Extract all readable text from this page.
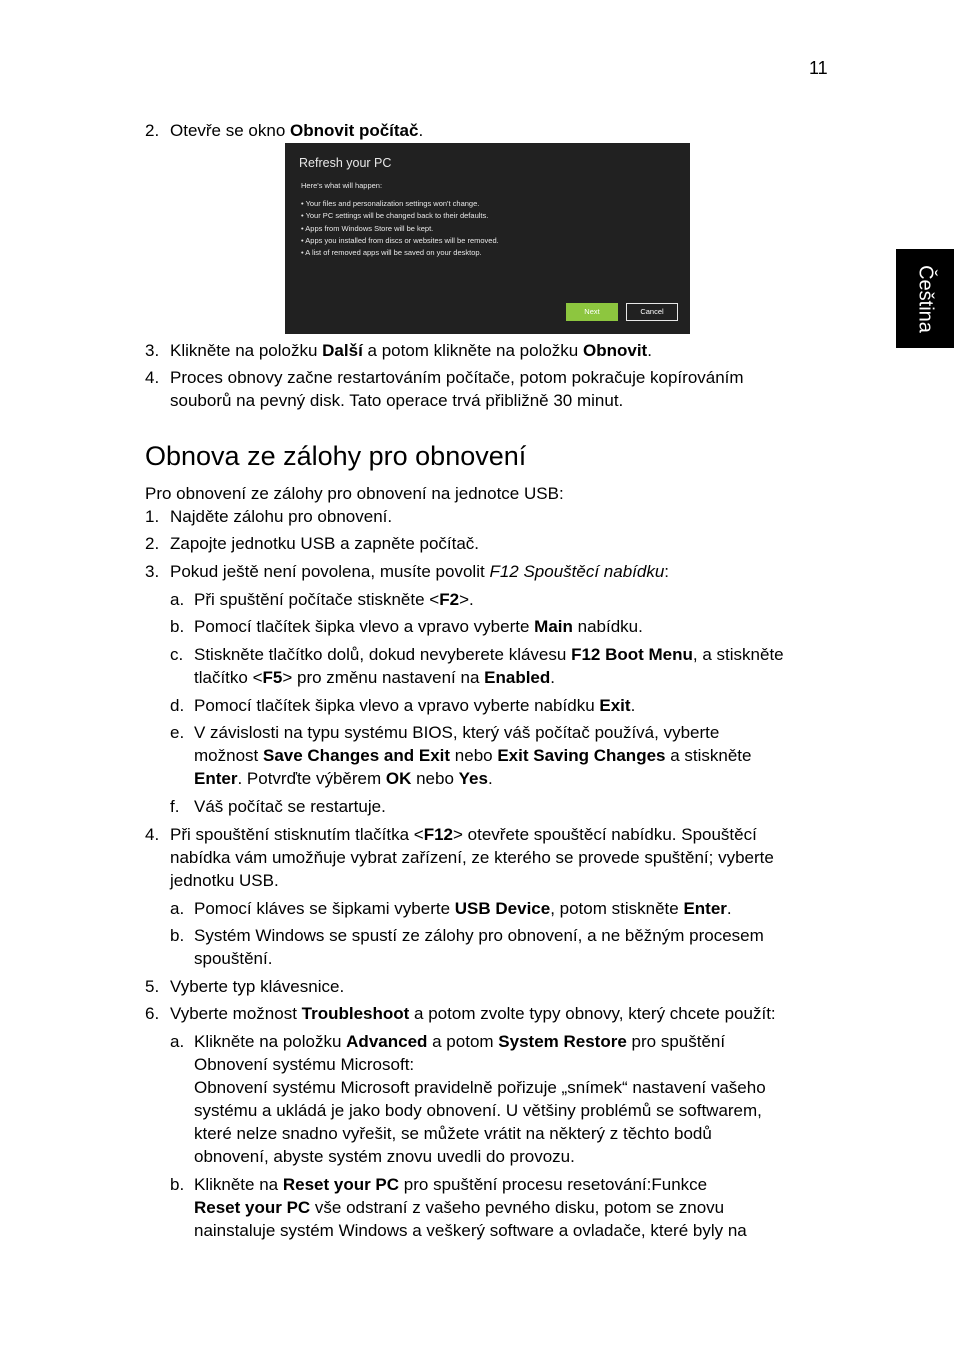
11
Čeština
2. Otevře se okno Obnovit počítač.
Refresh your PC
Here's what will happen:
• Your files and personalization settings won't change.
• Your PC settings will be changed back to their defaults.
• Apps from Windows Store will be kept.
• Apps you installed from discs or websites will be removed.
• A list of removed apps will be saved on your desktop.
Next	Cancel
3. Klikněte na položku Další a potom klikněte na položku Obnovit.
4. Proces obnovy začne restartováním počítače, potom pokračuje kopírováním
souborů na pevný disk. Tato operace trvá přibližně 30 minut.
Obnova ze zálohy pro obnovení
Pro obnovení ze zálohy pro obnovení na jednotce USB:
1. Najděte zálohu pro obnovení.
2. Zapojte jednotku USB a zapněte počítač.
3. Pokud ještě není povolena, musíte povolit F12 Spouštěcí nabídku:
a. Při spuštění počítače stiskněte <F2>.
b. Pomocí tlačítek šipka vlevo a vpravo vyberte Main nabídku.
c. Stiskněte tlačítko dolů, dokud nevyberete klávesu F12 Boot Menu, a stiskněte
tlačítko <F5> pro změnu nastavení na Enabled.
d. Pomocí tlačítek šipka vlevo a vpravo vyberte nabídku Exit.
e. V závislosti na typu systému BIOS, který váš počítač používá, vyberte
možnost Save Changes and Exit nebo Exit Saving Changes a stiskněte
Enter. Potvrďte výběrem OK nebo Yes.
f. Váš počítač se restartuje.
4. Při spouštění stisknutím tlačítka <F12> otevřete spouštěcí nabídku. Spouštěcí
nabídka vám umožňuje vybrat zařízení, ze kterého se provede spuštění; vyberte
jednotku USB.
a. Pomocí kláves se šipkami vyberte USB Device, potom stiskněte Enter.
b. Systém Windows se spustí ze zálohy pro obnovení, a ne běžným procesem
spouštění.
5. Vyberte typ klávesnice.
6. Vyberte možnost Troubleshoot a potom zvolte typy obnovy, který chcete použít:
a. Klikněte na položku Advanced a potom System Restore pro spuštění
Obnovení systému Microsoft:
Obnovení systému Microsoft pravidelně pořizuje „snímek“ nastavení vašeho
systému a ukládá je jako body obnovení. U většiny problémů se softwarem,
které nelze snadno vyřešit, se můžete vrátit na některý z těchto bodů
obnovení, abyste systém znovu uvedli do provozu.
b. Klikněte na Reset your PC pro spuštění procesu resetování:Funkce
Reset your PC vše odstraní z vašeho pevného disku, potom se znovu
nainstaluje systém Windows a veškerý software a ovladače, které byly na
